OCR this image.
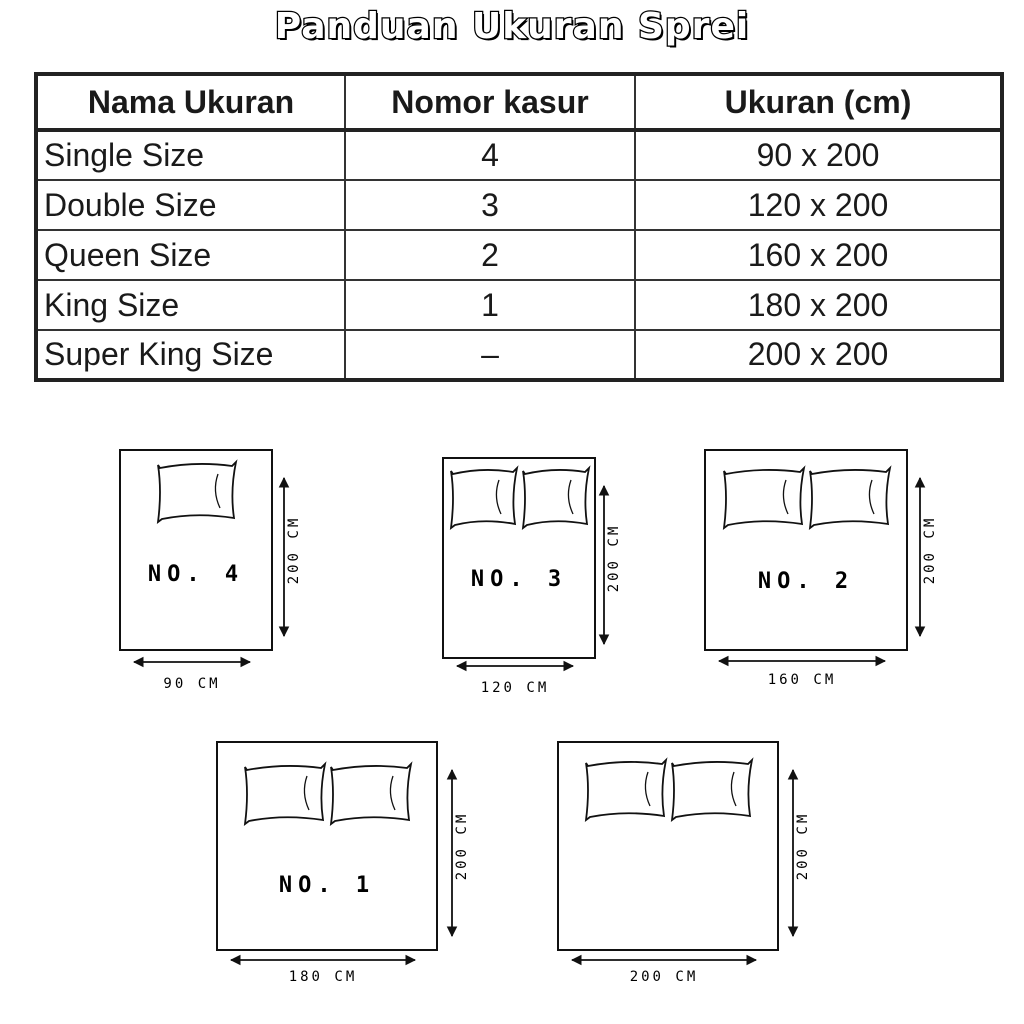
Panduan Ukuran Sprei
Nama Ukuran	Nomor kasur	Ukuran (cm)
Single Size	4	90 x 200
Double Size	3	120 x 200
Queen Size	2	160 x 200
King Size	1	180 x 200
Super King Size	–	200 x 200
NO. 4
90 CM
200 CM	NO. 3
120 CM
200 CM	NO. 2
160 CM
200 CM
NO. 1
180 CM
200 CM
200 CM
200 CM
